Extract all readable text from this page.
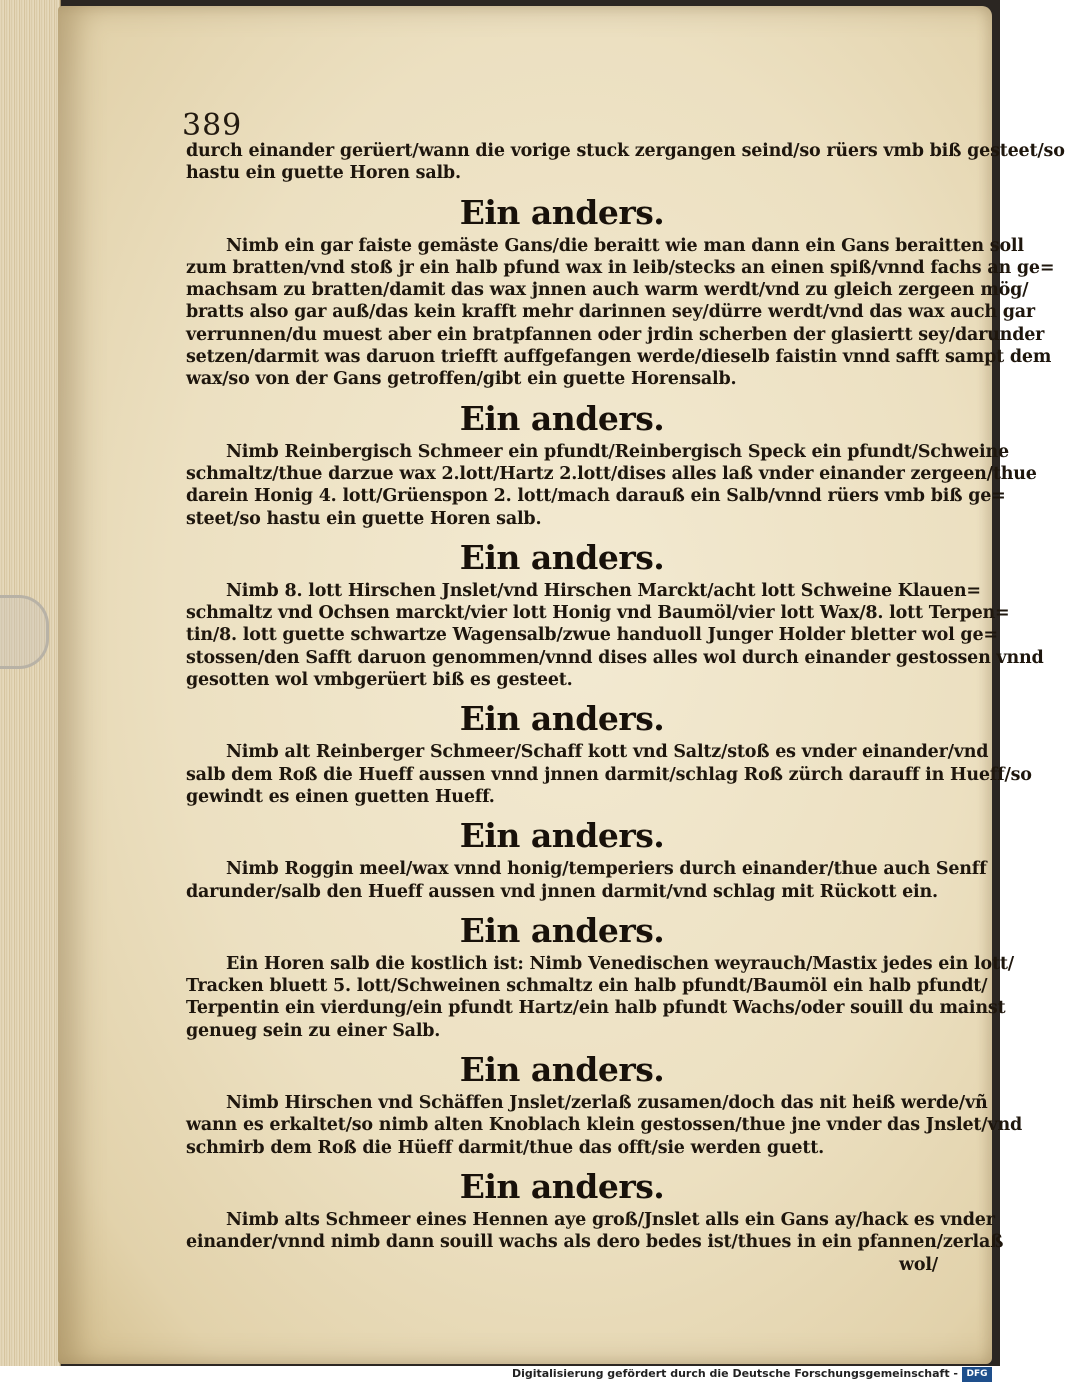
389
durch einander gerüert/wann die vorige stuck zergangen seind/so rüers vmb biß gesteet/so
hastu ein guette Horen salb.
Ein anders.
Nimb ein gar faiste gemäste Gans/die beraitt wie man dann ein Gans beraitten soll
zum bratten/vnd stoß jr ein halb pfund wax in leib/stecks an einen spiß/vnnd fachs an ge=
machsam zu bratten/damit das wax jnnen auch warm werdt/vnd zu gleich zergeen mög/
bratts also gar auß/das kein krafft mehr darinnen sey/dürre werdt/vnd das wax auch gar
verrunnen/du muest aber ein bratpfannen oder jrdin scherben der glasiertt sey/darunder
setzen/darmit was daruon triefft auffgefangen werde/dieselb faistin vnnd safft sampt dem
wax/so von der Gans getroffen/gibt ein guette Horensalb.
Ein anders.
Nimb Reinbergisch Schmeer ein pfundt/Reinbergisch Speck ein pfundt/Schweine
schmaltz/thue darzue wax 2.lott/Hartz 2.lott/dises alles laß vnder einander zergeen/thue
darein Honig 4. lott/Grüenspon 2. lott/mach darauß ein Salb/vnnd rüers vmb biß ge=
steet/so hastu ein guette Horen salb.
Ein anders.
Nimb 8. lott Hirschen Jnslet/vnd Hirschen Marckt/acht lott Schweine Klauen=
schmaltz vnd Ochsen marckt/vier lott Honig vnd Baumöl/vier lott Wax/8. lott Terpen=
tin/8. lott guette schwartze Wagensalb/zwue handuoll Junger Holder bletter wol ge=
stossen/den Safft daruon genommen/vnnd dises alles wol durch einander gestossen vnnd
gesotten wol vmbgerüert biß es gesteet.
Ein anders.
Nimb alt Reinberger Schmeer/Schaff kott vnd Saltz/stoß es vnder einander/vnd
salb dem Roß die Hueff aussen vnnd jnnen darmit/schlag Roß zürch darauff in Hueff/so
gewindt es einen guetten Hueff.
Ein anders.
Nimb Roggin meel/wax vnnd honig/temperiers durch einander/thue auch Senff
darunder/salb den Hueff aussen vnd jnnen darmit/vnd schlag mit Rückott ein.
Ein anders.
Ein Horen salb die kostlich ist: Nimb Venedischen weyrauch/Mastix jedes ein lott/
Tracken bluett 5. lott/Schweinen schmaltz ein halb pfundt/Baumöl ein halb pfundt/
Terpentin ein vierdung/ein pfundt Hartz/ein halb pfundt Wachs/oder souill du mainst
genueg sein zu einer Salb.
Ein anders.
Nimb Hirschen vnd Schäffen Jnslet/zerlaß zusamen/doch das nit heiß werde/vñ
wann es erkaltet/so nimb alten Knoblach klein gestossen/thue jne vnder das Jnslet/vnd
schmirb dem Roß die Hüeff darmit/thue das offt/sie werden guett.
Ein anders.
Nimb alts Schmeer eines Hennen aye groß/Jnslet alls ein Gans ay/hack es vnder
einander/vnnd nimb dann souill wachs als dero bedes ist/thues in ein pfannen/zerlaß
wol/
Digitalisierung gefördert durch die Deutsche Forschungsgemeinschaft - DFG
